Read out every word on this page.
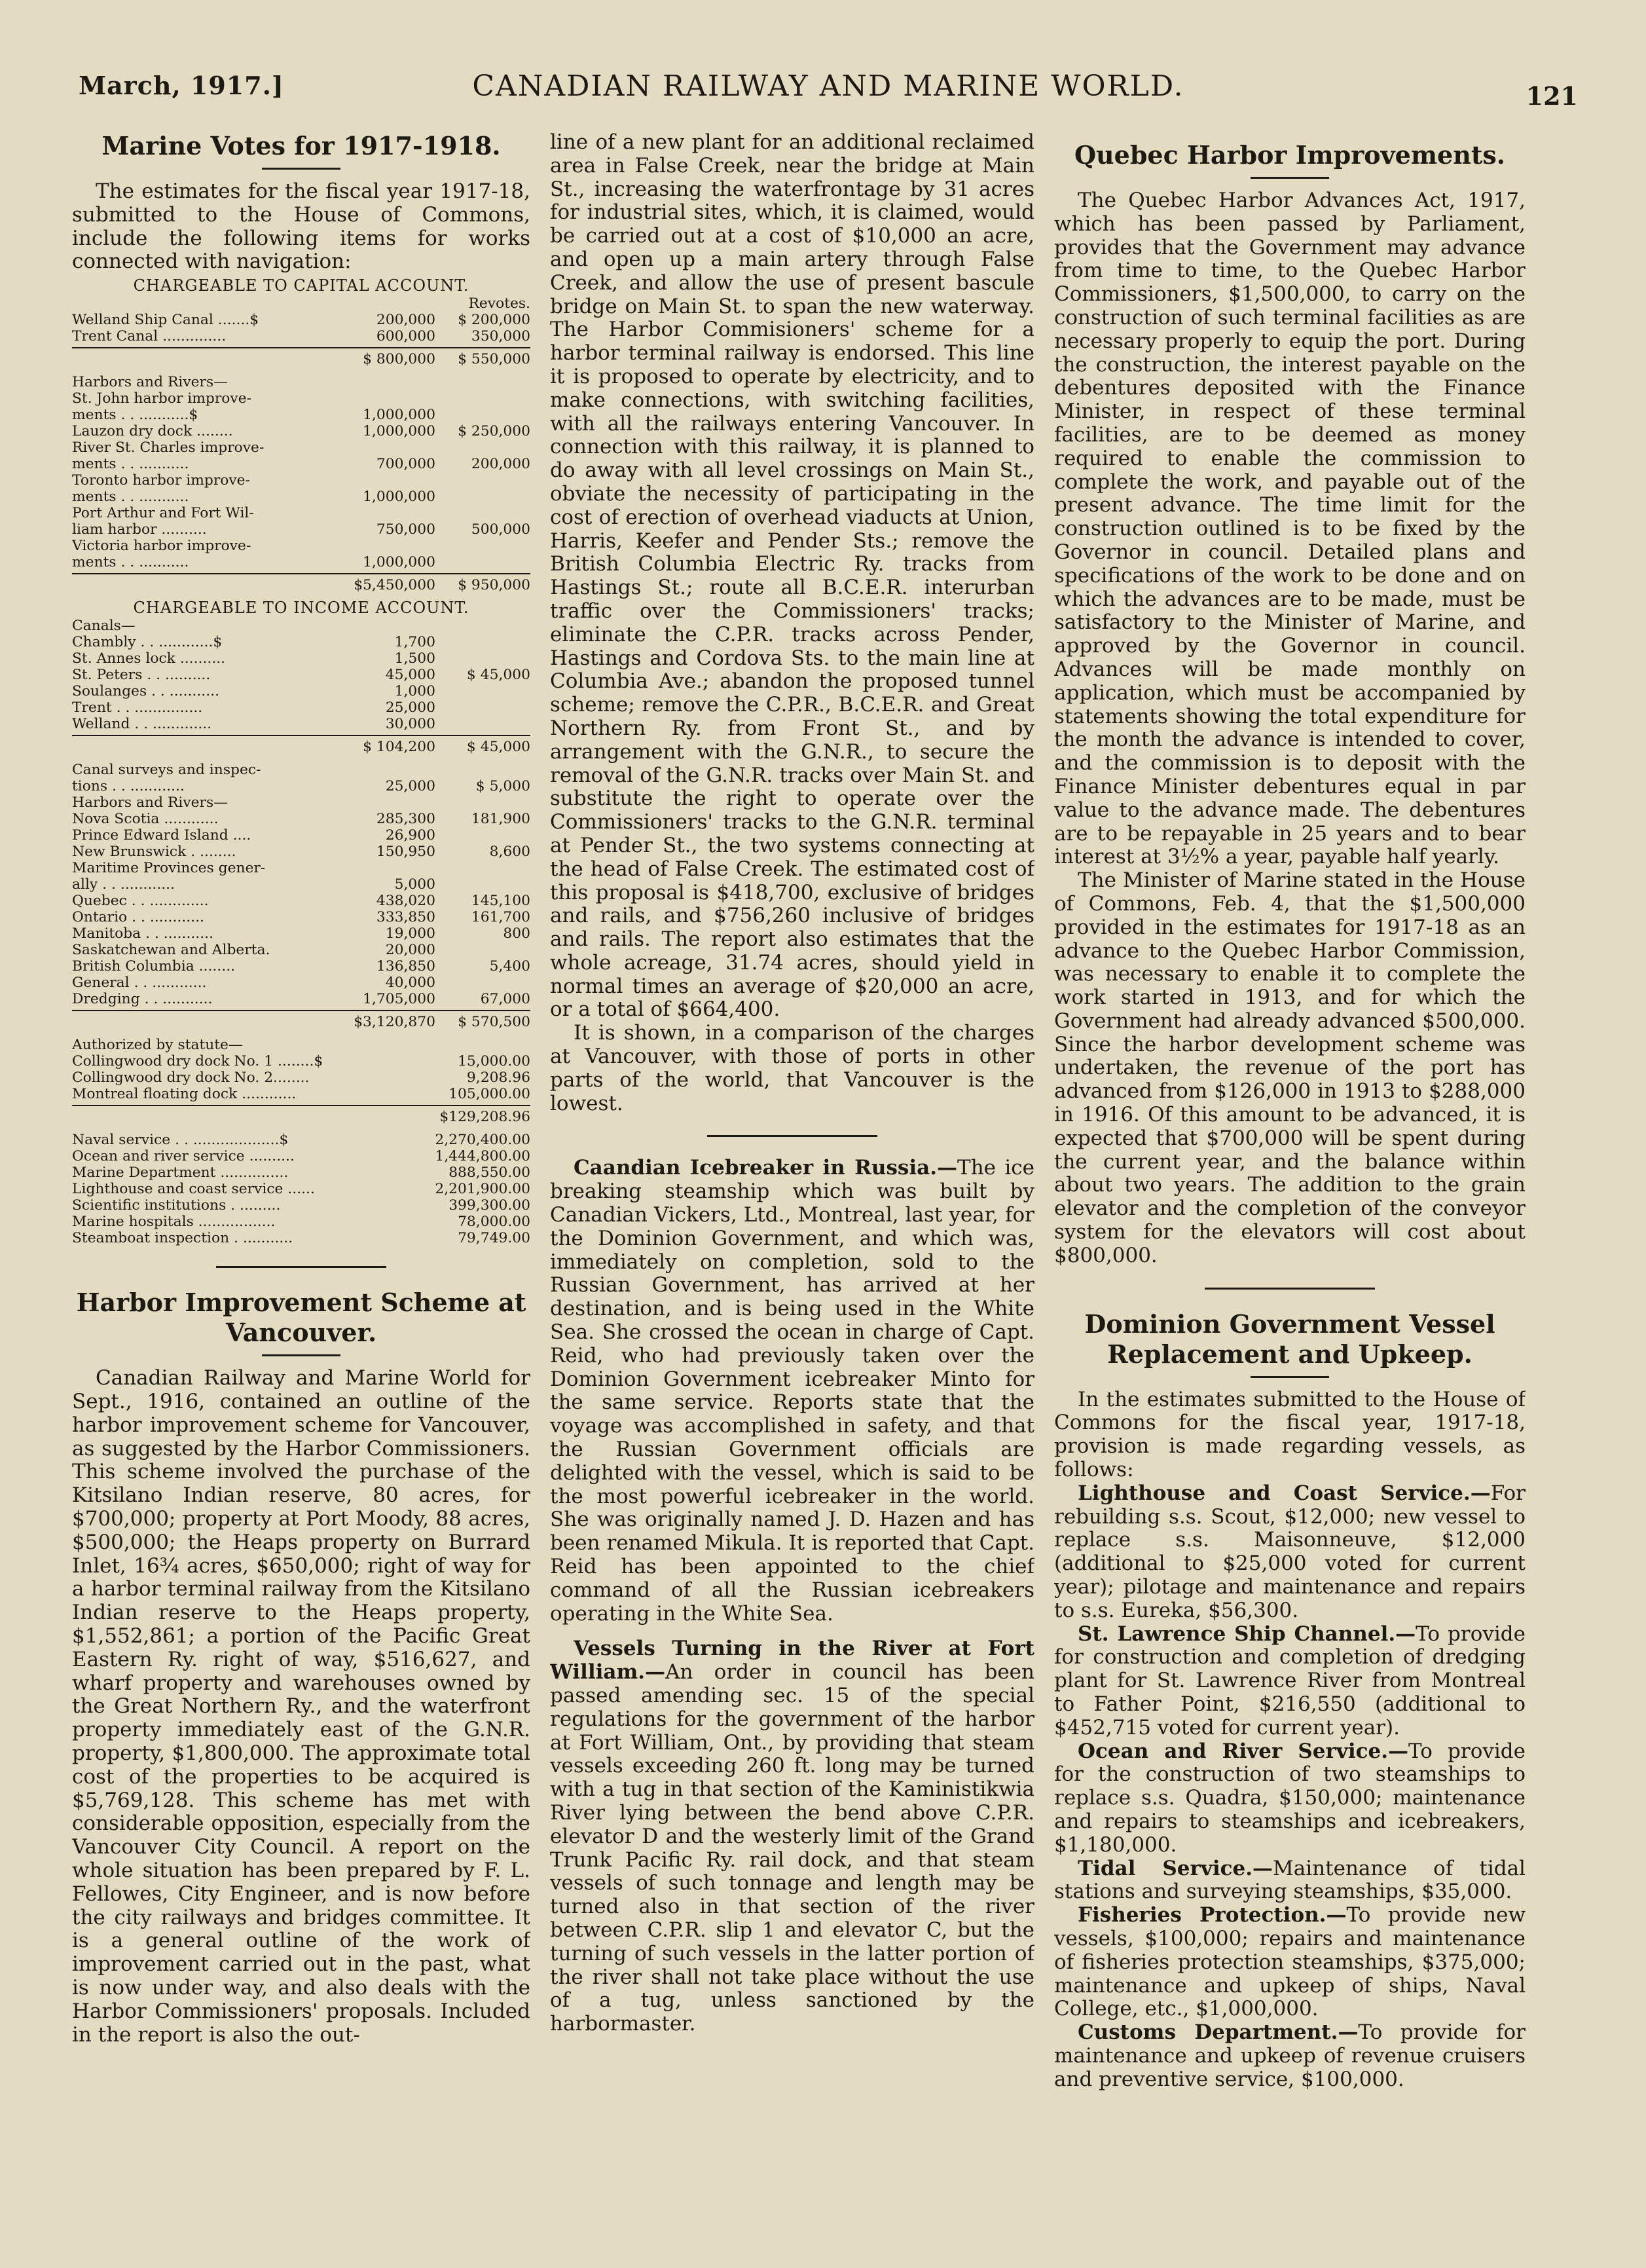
March, 1917.]	CANADIAN RAILWAY AND MARINE WORLD.	121
Marine Votes for 1917-1918.

The estimates for the fiscal year 1917-18, submitted to the House of Commons, include the following items for works connected with navigation:

CHARGEABLE TO CAPITAL ACCOUNT.
Revotes.
Welland Ship Canal .......$	200,000	$ 200,000
Trent Canal ..............	600,000	350,000
$ 800,000	$ 550,000
Harbors and Rivers—
St. John harbor improve-
ments . . ...........$	1,000,000
Lauzon dry dock ........	1,000,000	$ 250,000
River St. Charles improve-
ments . . ...........	700,000	200,000
Toronto harbor improve-
ments . . ...........	1,000,000
Port Arthur and Fort Wil-
liam harbor ..........	750,000	500,000
Victoria harbor improve-
ments . . ...........	1,000,000
$5,450,000	$ 950,000
CHARGEABLE TO INCOME ACCOUNT.
Canals—
Chambly . . ............$	1,700
St. Annes lock ..........	1,500
St. Peters . . ..........	45,000	$ 45,000
Soulanges . . ...........	1,000
Trent . . ...............	25,000
Welland . . .............	30,000
$ 104,200	$ 45,000
Canal surveys and inspec-
tions . . ............	25,000	$ 5,000
Harbors and Rivers—
Nova Scotia ............	285,300	181,900
Prince Edward Island ....	26,900
New Brunswick . ........	150,950	8,600
Maritime Provinces gener-
ally . . ............	5,000
Quebec . . .............	438,020	145,100
Ontario . . ............	333,850	161,700
Manitoba . . ...........	19,000	800
Saskatchewan and Alberta.	20,000
British Columbia ........	136,850	5,400
General . . ............	40,000
Dredging . . ...........	1,705,000	67,000
$3,120,870	$ 570,500
Authorized by statute—
Collingwood dry dock No. 1 ........$	15,000.00
Collingwood dry dock No. 2........	9,208.96
Montreal floating dock ............	105,000.00
$129,208.96
Naval service . . ...................$	2,270,400.00
Ocean and river service ..........	1,444,800.00
Marine Department ...............	888,550.00
Lighthouse and coast service ......	2,201,900.00
Scientific institutions . .........	399,300.00
Marine hospitals .................	78,000.00
Steamboat inspection . ...........	79,749.00
Harbor Improvement Scheme at Vancouver.

Canadian Railway and Marine World for Sept., 1916, contained an outline of the harbor improvement scheme for Vancouver, as suggested by the Harbor Commissioners. This scheme involved the purchase of the Kitsilano Indian reserve, 80 acres, for $700,000; property at Port Moody, 88 acres, $500,000; the Heaps property on Burrard Inlet, 16¾ acres, $650,000; right of way for a harbor terminal railway from the Kitsilano Indian reserve to the Heaps property, $1,552,861; a portion of the Pacific Great Eastern Ry. right of way, $516,627, and wharf property and warehouses owned by the Great Northern Ry., and the waterfront property immediately east of the G.N.R. property, $1,800,000. The approximate total cost of the properties to be acquired is $5,769,128. This scheme has met with considerable opposition, especially from the Vancouver City Council. A report on the whole situation has been prepared by F. L. Fellowes, City Engineer, and is now before the city railways and bridges committee. It is a general outline of the work of improvement carried out in the past, what is now under way, and also deals with the Harbor Commissioners' proposals. Included in the report is also the out-

line of a new plant for an additional reclaimed area in False Creek, near the bridge at Main St., increasing the waterfrontage by 31 acres for industrial sites, which, it is claimed, would be carried out at a cost of $10,000 an acre, and open up a main artery through False Creek, and allow the use of present bascule bridge on Main St. to span the new waterway. The Harbor Commisioners' scheme for a harbor terminal railway is endorsed. This line it is proposed to operate by electricity, and to make connections, with switching facilities, with all the railways entering Vancouver. In connection with this railway, it is planned to do away with all level crossings on Main St., obviate the necessity of participating in the cost of erection of overhead viaducts at Union, Harris, Keefer and Pender Sts.; remove the British Columbia Electric Ry. tracks from Hastings St.; route all B.C.E.R. interurban traffic over the Commissioners' tracks; eliminate the C.P.R. tracks across Pender, Hastings and Cordova Sts. to the main line at Columbia Ave.; abandon the proposed tunnel scheme; remove the C.P.R., B.C.E.R. and Great Northern Ry. from Front St., and by arrangement with the G.N.R., to secure the removal of the G.N.R. tracks over Main St. and substitute the right to operate over the Commissioners' tracks to the G.N.R. terminal at Pender St., the two systems connecting at the head of False Creek. The estimated cost of this proposal is $418,700, exclusive of bridges and rails, and $756,260 inclusive of bridges and rails. The report also estimates that the whole acreage, 31.74 acres, should yield in normal times an average of $20,000 an acre, or a total of $664,400.

It is shown, in a comparison of the charges at Vancouver, with those of ports in other parts of the world, that Vancouver is the lowest.

Caandian Icebreaker in Russia.—The ice breaking steamship which was built by Canadian Vickers, Ltd., Montreal, last year, for the Dominion Government, and which was, immediately on completion, sold to the Russian Government, has arrived at her destination, and is being used in the White Sea. She crossed the ocean in charge of Capt. Reid, who had previously taken over the Dominion Government icebreaker Minto for the same service. Reports state that the voyage was accomplished in safety, and that the Russian Government officials are delighted with the vessel, which is said to be the most powerful icebreaker in the world. She was originally named J. D. Hazen and has been renamed Mikula. It is reported that Capt. Reid has been appointed to the chief command of all the Russian icebreakers operating in the White Sea.

Vessels Turning in the River at Fort William.—An order in council has been passed amending sec. 15 of the special regulations for the government of the harbor at Fort William, Ont., by providing that steam vessels exceeding 260 ft. long may be turned with a tug in that section of the Kaministikwia River lying between the bend above C.P.R. elevator D and the westerly limit of the Grand Trunk Pacific Ry. rail dock, and that steam vessels of such tonnage and length may be turned also in that section of the river between C.P.R. slip 1 and elevator C, but the turning of such vessels in the latter portion of the river shall not take place without the use of a tug, unless sanctioned by the harbormaster.

Quebec Harbor Improvements.

The Quebec Harbor Advances Act, 1917, which has been passed by Parliament, provides that the Government may advance from time to time, to the Quebec Harbor Commissioners, $1,500,000, to carry on the construction of such terminal facilities as are necessary properly to equip the port. During the construction, the interest payable on the debentures deposited with the Finance Minister, in respect of these terminal facilities, are to be deemed as money required to enable the commission to complete the work, and payable out of the present advance. The time limit for the construction outlined is to be fixed by the Governor in council. Detailed plans and specifications of the work to be done and on which the advances are to be made, must be satisfactory to the Minister of Marine, and approved by the Governor in council. Advances will be made monthly on application, which must be accompanied by statements showing the total expenditure for the month the advance is intended to cover, and the commission is to deposit with the Finance Minister debentures equal in par value to the advance made. The debentures are to be repayable in 25 years and to bear interest at 3½% a year, payable half yearly.

The Minister of Marine stated in the House of Commons, Feb. 4, that the $1,500,000 provided in the estimates for 1917-18 as an advance to the Quebec Harbor Commission, was necessary to enable it to complete the work started in 1913, and for which the Government had already advanced $500,000. Since the harbor development scheme was undertaken, the revenue of the port has advanced from $126,000 in 1913 to $288,000 in 1916. Of this amount to be advanced, it is expected that $700,000 will be spent during the current year, and the balance within about two years. The addition to the grain elevator and the completion of the conveyor system for the elevators will cost about $800,000.

Dominion Government Vessel Replacement and Upkeep.

In the estimates submitted to the House of Commons for the fiscal year, 1917-18, provision is made regarding vessels, as follows:

Lighthouse and Coast Service.—For rebuilding s.s. Scout, $12,000; new vessel to replace s.s. Maisonneuve, $12,000 (additional to $25,000 voted for current year); pilotage and maintenance and repairs to s.s. Eureka, $56,300.

St. Lawrence Ship Channel.—To provide for construction and completion of dredging plant for St. Lawrence River from Montreal to Father Point, $216,550 (additional to $452,715 voted for current year).

Ocean and River Service.—To provide for the construction of two steamships to replace s.s. Quadra, $150,000; maintenance and repairs to steamships and icebreakers, $1,180,000.

Tidal Service.—Maintenance of tidal stations and surveying steamships, $35,000.

Fisheries Protection.—To provide new vessels, $100,000; repairs and maintenance of fisheries protection steamships, $375,000; maintenance and upkeep of ships, Naval College, etc., $1,000,000.

Customs Department.—To provide for maintenance and upkeep of revenue cruisers and preventive service, $100,000.
